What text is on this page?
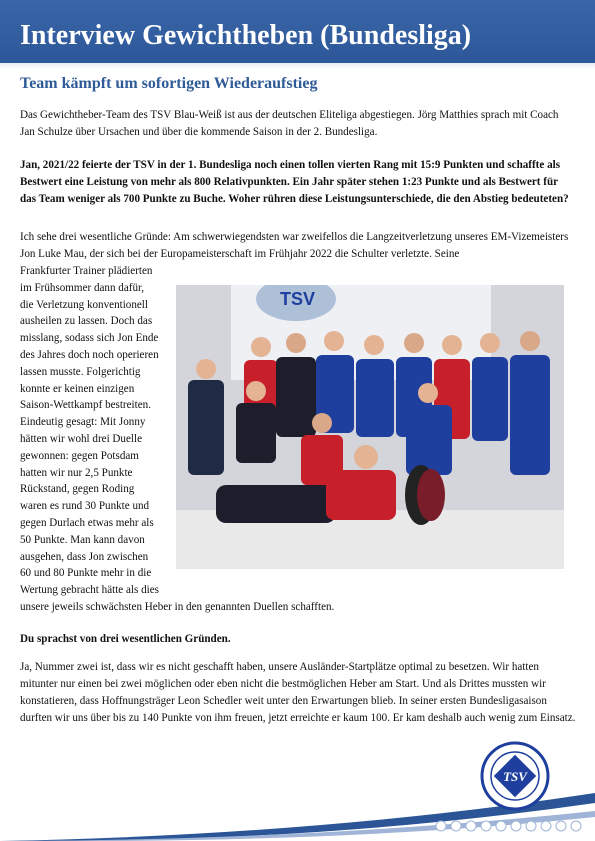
Interview Gewichtheben (Bundesliga)
Team kämpft um sofortigen Wiederaufstieg

Das Gewichtheber-Team des TSV Blau-Weiß ist aus der deutschen Eliteliga abgestiegen. Jörg Matthies sprach mit Coach Jan Schulze über Ursachen und über die kommende Saison in der 2. Bundesliga.

Jan, 2021/22 feierte der TSV in der 1. Bundesliga noch einen tollen vierten Rang mit 15:9 Punkten und schaffte als Bestwert eine Leistung von mehr als 800 Relativpunkten. Ein Jahr später stehen 1:23 Punkte und als Bestwert für das Team weniger als 700 Punkte zu Buche. Woher rühren diese Leistungsunterschiede, die den Abstieg bedeuteten?

Ich sehe drei wesentliche Gründe: Am schwerwiegendsten war zweifellos die Langzeitverletzung unseres EM-Vizemeisters Jon Luke Mau, der sich bei der Europameisterschaft im Frühjahr 2022 die Schulter verletzte. Seine

TSV
Frankfurter Trainer plädierten im Frühsommer dann dafür, die Verletzung konventionell ausheilen zu lassen. Doch das misslang, sodass sich Jon Ende des Jahres doch noch operieren lassen musste. Folgerichtig konnte er keinen einzigen Saison-Wettkampf bestreiten. Eindeutig gesagt: Mit Jonny hätten wir wohl drei Duelle gewonnen: gegen Potsdam hatten wir nur 2,5 Punkte Rückstand, gegen Roding waren es rund 30 Punkte und gegen Durlach etwas mehr als 50 Punkte. Man kann davon ausgehen, dass Jon zwischen 60 und 80 Punkte mehr in die Wertung gebracht hätte als dies unsere jeweils schwächsten Heber in den genannten Duellen schafften.

Du sprachst von drei wesentlichen Gründen.

Ja, Nummer zwei ist, dass wir es nicht geschafft haben, unsere Ausländer-Startplätze optimal zu besetzen. Wir hatten mitunter nur einen bei zwei möglichen oder eben nicht die bestmöglichen Heber am Start. Und als Drittes mussten wir konstatieren, dass Hoffnungsträger Leon Schedler weit unter den Erwartungen blieb. In seiner ersten Bundesligasaison durften wir uns über bis zu 140 Punkte von ihm freuen, jetzt erreichte er kaum 100. Er kam deshalb auch wenig zum Einsatz.

TSV
